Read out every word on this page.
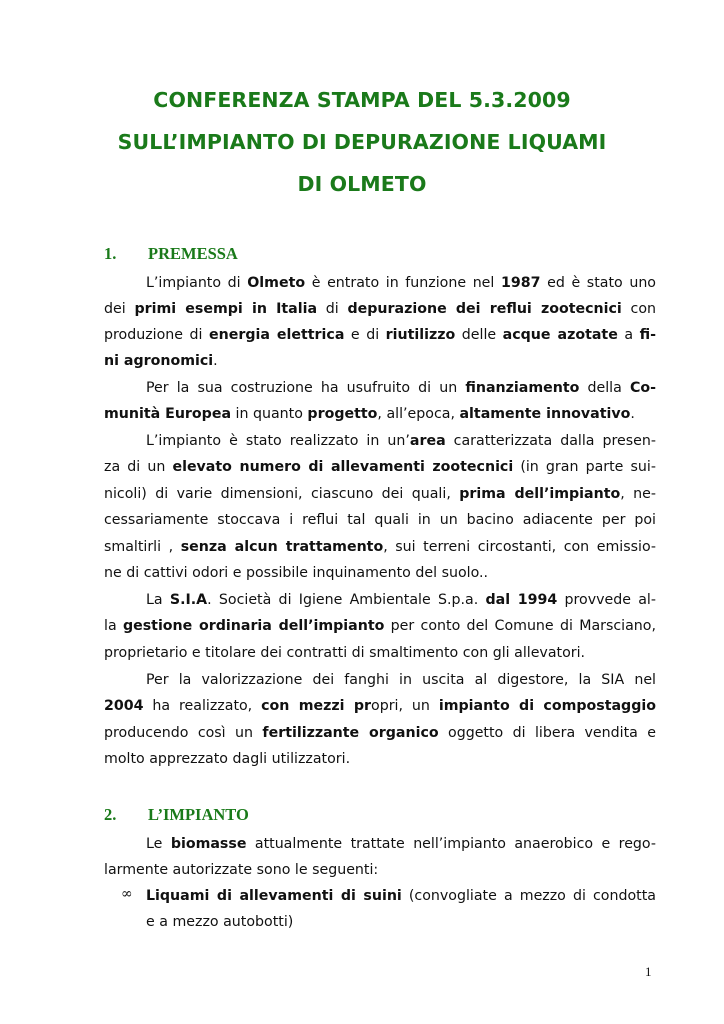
CONFERENZA STAMPA DEL 5.3.2009
SULL’IMPIANTO DI DEPURAZIONE LIQUAMI
DI OLMETO
1. PREMESSA
L’impianto di Olmeto è entrato in funzione nel 1987 ed è stato uno
dei primi esempi in Italia di depurazione dei reflui zootecnici con
produzione di energia elettrica e di riutilizzo delle acque azotate a fi-
ni agronomici.
Per la sua costruzione ha usufruito di un finanziamento della Co-
munità Europea in quanto progetto, all’epoca, altamente innovativo.
L’impianto è stato realizzato in un’area caratterizzata dalla presen-
za di un elevato numero di allevamenti zootecnici (in gran parte sui-
nicoli) di varie dimensioni, ciascuno dei quali, prima dell’impianto, ne-
cessariamente stoccava i reflui tal quali in un bacino adiacente per poi
smaltirli , senza alcun trattamento, sui terreni circostanti, con emissio-
ne di cattivi odori e possibile inquinamento del suolo..
La S.I.A. Società di Igiene Ambientale S.p.a. dal 1994 provvede al-
la gestione ordinaria dell’impianto per conto del Comune di Marsciano,
proprietario e titolare dei contratti di smaltimento con gli allevatori.
Per la valorizzazione dei fanghi in uscita al digestore, la SIA nel
2004 ha realizzato, con mezzi propri, un impianto di compostaggio
producendo così un fertilizzante organico oggetto di libera vendita e
molto apprezzato dagli utilizzatori.
2. L’IMPIANTO
Le biomasse attualmente trattate nell’impianto anaerobico e rego-
larmente autorizzate sono le seguenti:
∞ Liquami di allevamenti di suini (convogliate a mezzo di condotta
e a mezzo autobotti)
1
